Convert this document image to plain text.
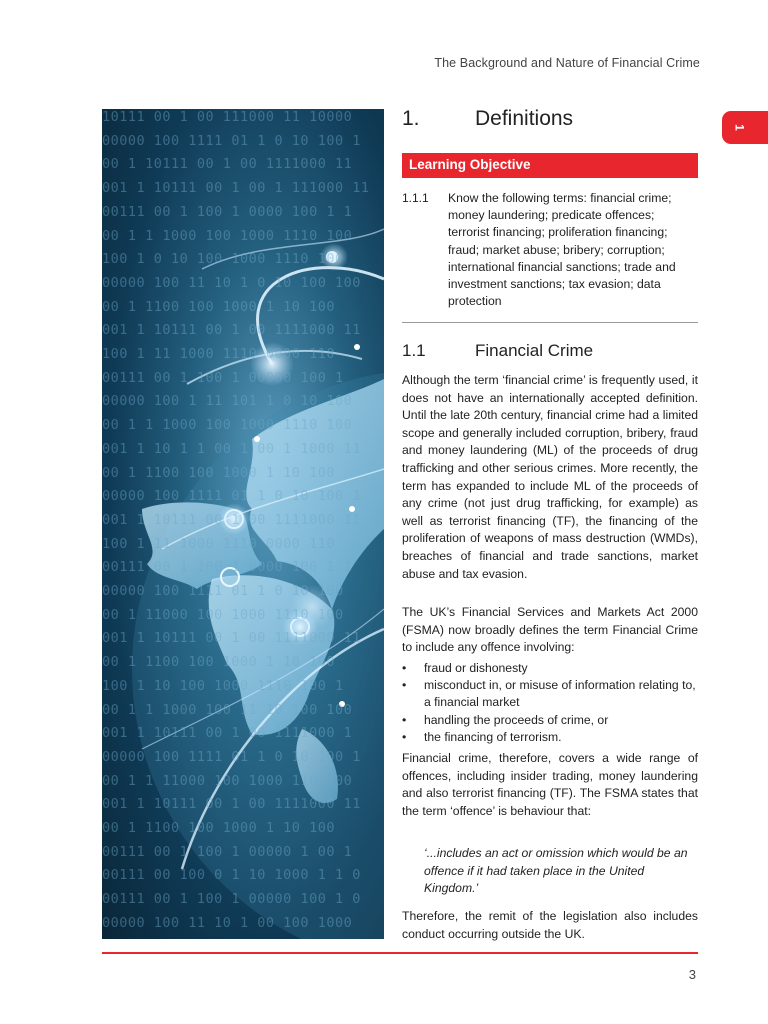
The Background and Nature of Financial Crime
1
10111 00 1 00 111000 11 10000
00000 100 1111 01 1 0 10 100 1
00 1 10111 00 1 00 1111000 11
001 1 10111 00 1 00 1 111000 11
00111 00 1 100 1 0000 100 1 1
00 1 1 1000 100 1000 1110 100
100 1 0 10 100 1000 1110 100
00000 100 11 10 1 0 10 100 100
00 1 1100 100 1000 1 10 100
001 1 10111 00 1 00 1111000 11
100 1 11 1000 1110 0000 110
00111 00 1 100 1 00000 100 1
00000 100 1 11 101 1 0 10 100
00 1 1 1000 100 1000 1110 100
001 1 10 1 1 00 1 00 1 1000 11
00 1 1100 100 1000 1 10 100
00000 100 1111 01 1 0 10 100 1
001 1 10111 00 1 00 1111000 11
100 1 11 1000 1110 0000 110
00111 00 1 100 1 0000 100 1 1
00000 100 1111 01 1 0 10 100
00 1 11000 100 1000 1110 100
001 1 10111 00 1 00 1111000 11
00 1 1100 100 1000 1 10 100
100 1 10 100 1000 1110 100 1
00 1 1 1000 100 11 10 100 100
001 1 10111 00 1 00 1111000 1
00000 100 1111 01 1 0 10 100 1
00 1 1 11000 100 1000 110 100
001 1 10111 00 1 00 1111000 11
00 1 1100 100 1000 1 10 100
00111 00 1 100 1 00000 1 00 1
00111 00 100 0 1 10 1000 1 1 0
00111 00 1 100 1 00000 100 1 0
00000 100 11 10 1 00 100 1000
1.	Definitions
Learning Objective
1.1.1 Know the following terms: financial crime; money laundering; predicate offences; terrorist financing; proliferation financing; fraud; market abuse; bribery; corruption; international financial sanctions; trade and investment sanctions; tax evasion; data protection
1.1	Financial Crime

Although the term ‘financial crime’ is frequently used, it does not have an internationally accepted definition. Until the late 20th century, financial crime had a limited scope and generally included corruption, bribery, fraud and money laundering (ML) of the proceeds of drug trafficking and other serious crimes. More recently, the term has expanded to include ML of the proceeds of any crime (not just drug trafficking, for example) as well as terrorist financing (TF), the financing of the proliferation of weapons of mass destruction (WMDs), breaches of financial and trade sanctions, market abuse and tax evasion.

The UK’s Financial Services and Markets Act 2000 (FSMA) now broadly defines the term Financial Crime to include any offence involving:

• fraud or dishonesty
• misconduct in, or misuse of information relating to, a financial market
• handling the proceeds of crime, or
• the financing of terrorism.

Financial crime, therefore, covers a wide range of offences, including insider trading, money laundering and also terrorist financing (TF). The FSMA states that the term ‘offence’ is behaviour that:

‘...includes an act or omission which would be an offence if it had taken place in the United Kingdom.’

Therefore, the remit of the legislation also includes conduct occurring outside the UK.

3
